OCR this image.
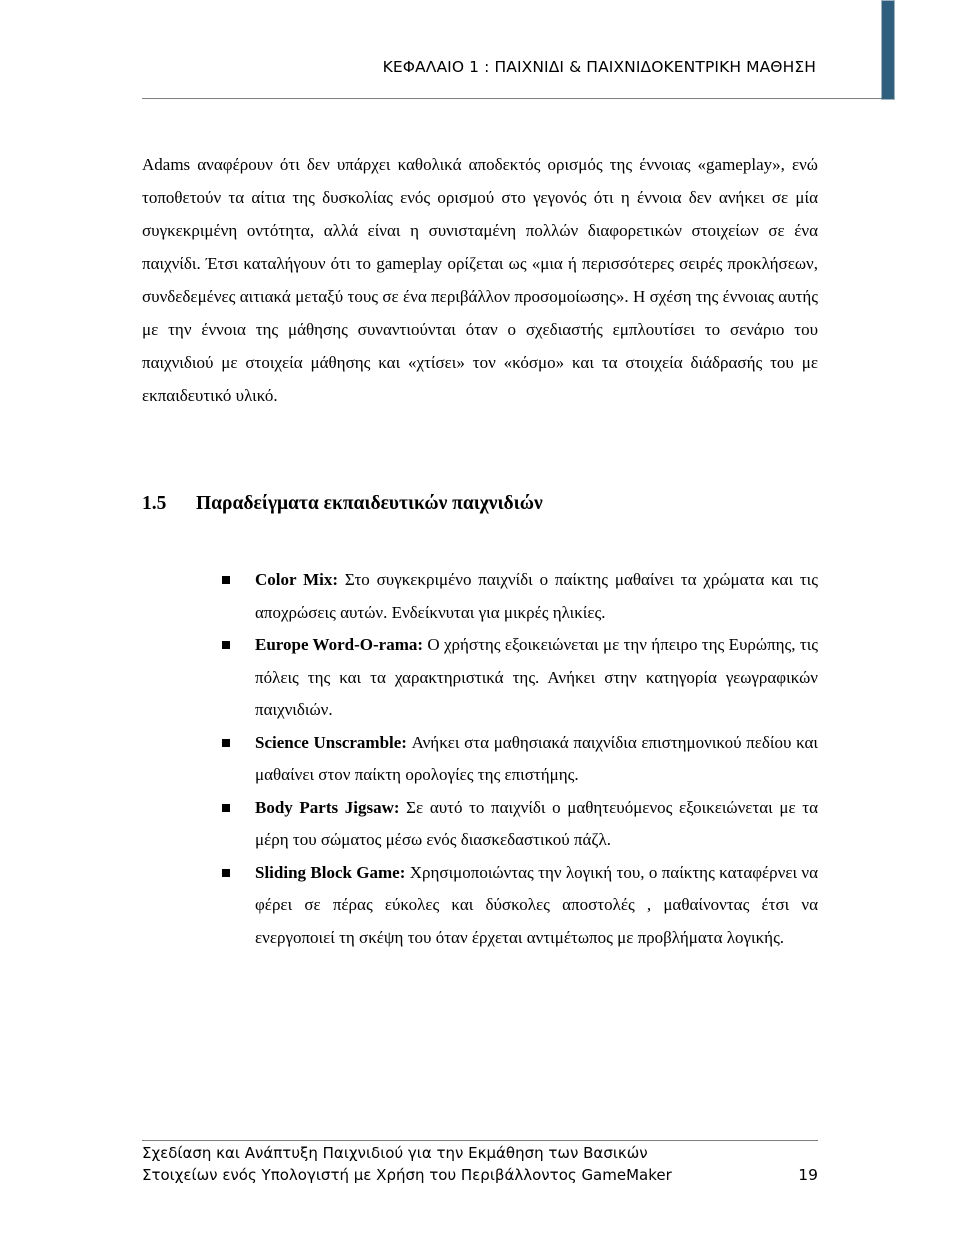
ΚΕΦΑΛΑΙΟ 1 : ΠΑΙΧΝΙΔΙ & ΠΑΙΧΝΙΔΟΚΕΝΤΡΙΚΗ ΜΑΘΗΣΗ

Adams αναφέρουν ότι δεν υπάρχει καθολικά αποδεκτός ορισμός της έννοιας «gameplay», ενώ τοποθετούν τα αίτια της δυσκολίας ενός ορισμού στο γεγονός ότι η έννοια δεν ανήκει σε μία συγκεκριμένη οντότητα, αλλά είναι η συνισταμένη πολλών διαφορετικών στοιχείων σε ένα παιχνίδι. Έτσι καταλήγουν ότι το gameplay ορίζεται ως «μια ή περισσότερες σειρές προκλήσεων, συνδεδεμένες αιτιακά μεταξύ τους σε ένα περιβάλλον προσομοίωσης». Η σχέση της έννοιας αυτής με την έννοια της μάθησης συναντιούνται όταν ο σχεδιαστής εμπλουτίσει το σενάριο του παιχνιδιού με στοιχεία μάθησης και «χτίσει» τον «κόσμο» και τα στοιχεία διάδρασής του με εκπαιδευτικό υλικό.

1.5 Παραδείγματα εκπαιδευτικών παιχνιδιών
Color Mix: Στο συγκεκριμένο παιχνίδι ο παίκτης μαθαίνει τα χρώματα και τις αποχρώσεις αυτών. Ενδείκνυται για μικρές ηλικίες.
Europe Word-O-rama: Ο χρήστης εξοικειώνεται με την ήπειρο της Ευρώπης, τις πόλεις της και τα χαρακτηριστικά της. Ανήκει στην κατηγορία γεωγραφικών παιχνιδιών.
Science Unscramble: Ανήκει στα μαθησιακά παιχνίδια επιστημονικού πεδίου και μαθαίνει στον παίκτη ορολογίες της επιστήμης.
Body Parts Jigsaw: Σε αυτό το παιχνίδι ο μαθητευόμενος εξοικειώνεται με τα μέρη του σώματος μέσω ενός διασκεδαστικού πάζλ.
Sliding Block Game: Χρησιμοποιώντας την λογική του, ο παίκτης καταφέρνει να φέρει σε πέρας εύκολες και δύσκολες αποστολές , μαθαίνοντας έτσι να ενεργοποιεί τη σκέψη του όταν έρχεται αντιμέτωπος με προβλήματα λογικής.
Σχεδίαση και Ανάπτυξη Παιχνιδιού για την Εκμάθηση των Βασικών
Στοιχείων ενός Υπολογιστή με Χρήση του Περιβάλλοντος GameMaker	19
